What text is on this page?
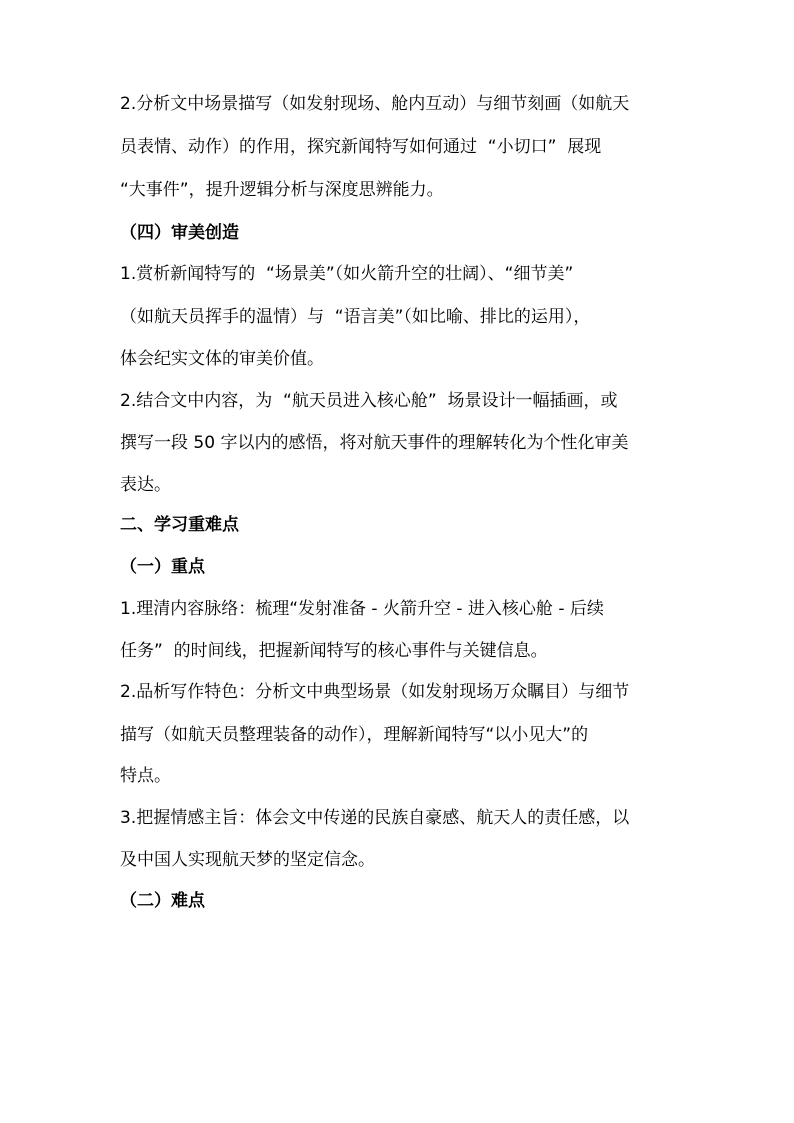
2.分析文中场景描写（如发射现场、舱内互动）与细节刻画（如航天
员表情、动作）的作用，探究新闻特写如何通过  “小切口”  展现
“大事件”，提升逻辑分析与深度思辨能力。
（四）审美创造
1.赏析新闻特写的  “场景美”（如火箭升空的壮阔）、“细节美”
（如航天员挥手的温情）与  “语言美”（如比喻、排比的运用），
体会纪实文体的审美价值。
2.结合文中内容，为  “航天员进入核心舱”  场景设计一幅插画，或
撰写一段 50 字以内的感悟，将对航天事件的理解转化为个性化审美
表达。
二、学习重难点
（一）重点
1.理清内容脉络：梳理“发射准备 - 火箭升空 - 进入核心舱 - 后续
任务”  的时间线，把握新闻特写的核心事件与关键信息。
2.品析写作特色：分析文中典型场景（如发射现场万众瞩目）与细节
描写（如航天员整理装备的动作），理解新闻特写“以小见大”的
特点。
3.把握情感主旨：体会文中传递的民族自豪感、航天人的责任感，以
及中国人实现航天梦的坚定信念。
（二）难点
